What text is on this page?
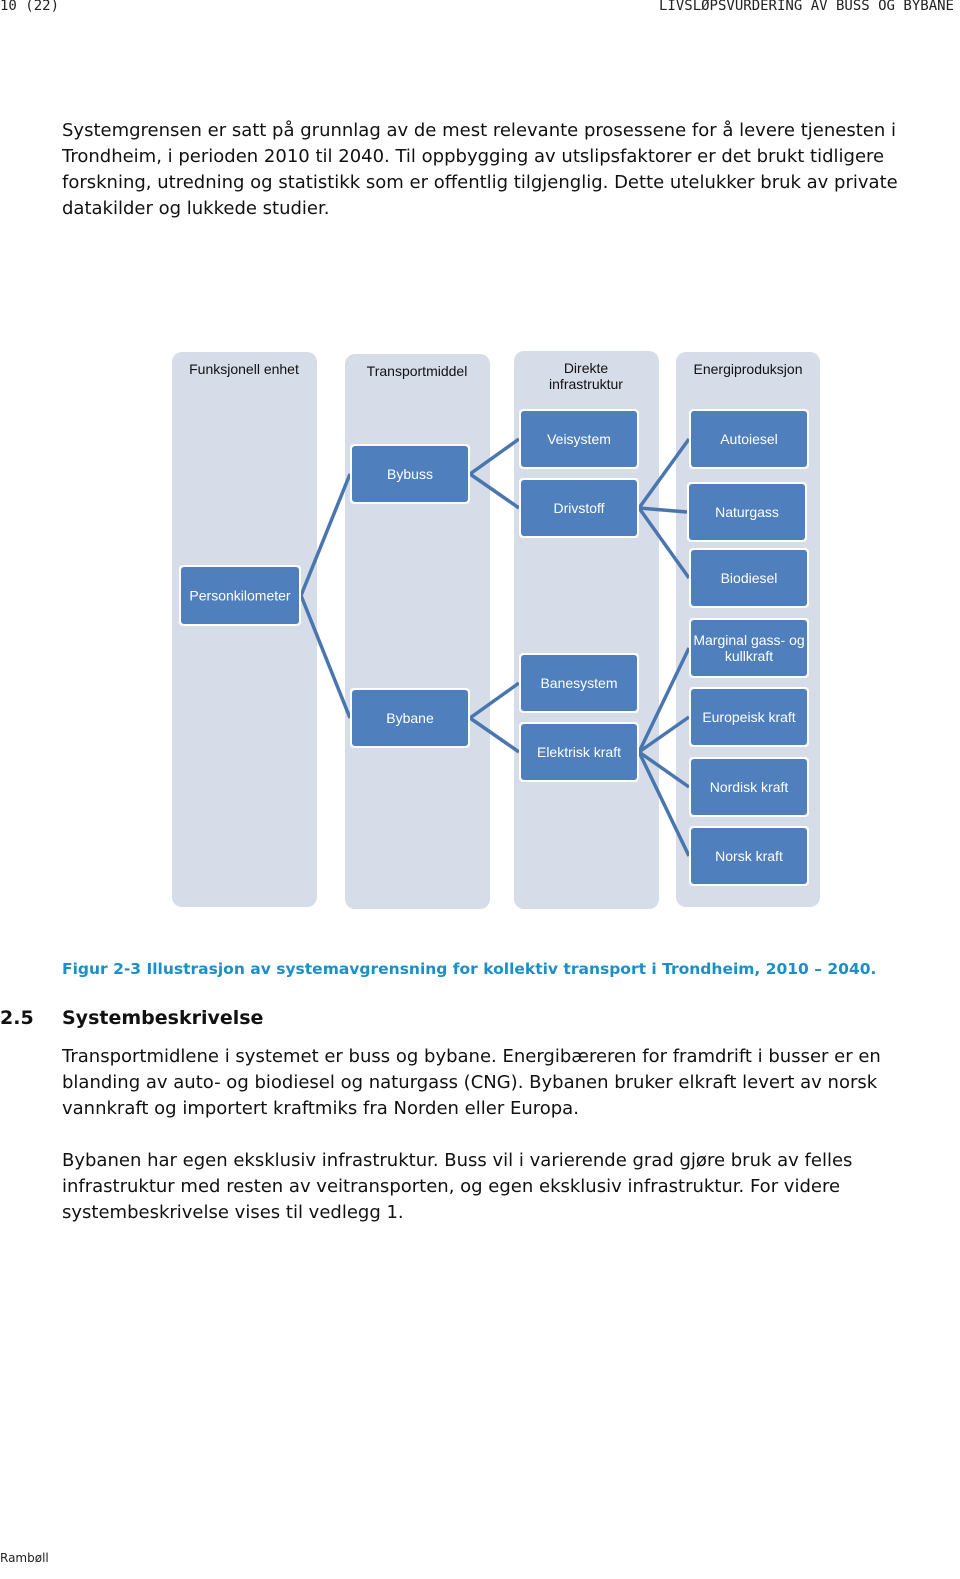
10 (22)	LIVSLØPSVURDERING AV BUSS OG BYBANE
Systemgrensen er satt på grunnlag av de mest relevante prosessene for å levere tjenesten i Trondheim, i perioden 2010 til 2040. Til oppbygging av utslipsfaktorer er det brukt tidligere forskning, utredning og statistikk som er offentlig tilgjenglig. Dette utelukker bruk av private datakilder og lukkede studier.
Funksjonell enhet	Transportmiddel	Direkte infrastruktur
Energiproduksjon
Personkilometer
Bybuss
Bybane
Veisystem
Drivstoff
Banesystem
Elektrisk kraft
Autoiesel
Naturgass
Biodiesel
Marginal gass- og kullkraft
Europeisk kraft
Nordisk kraft
Norsk kraft
Figur 2-3 Illustrasjon av systemavgrensning for kollektiv transport i Trondheim, 2010 – 2040.
2.5 Systembeskrivelse
Transportmidlene i systemet er buss og bybane. Energibæreren for framdrift i busser er en blanding av auto- og biodiesel og naturgass (CNG). Bybanen bruker elkraft levert av norsk vannkraft og importert kraftmiks fra Norden eller Europa.
Bybanen har egen eksklusiv infrastruktur. Buss vil i varierende grad gjøre bruk av felles infrastruktur med resten av veitransporten, og egen eksklusiv infrastruktur. For videre systembeskrivelse vises til vedlegg 1.
Rambøll
